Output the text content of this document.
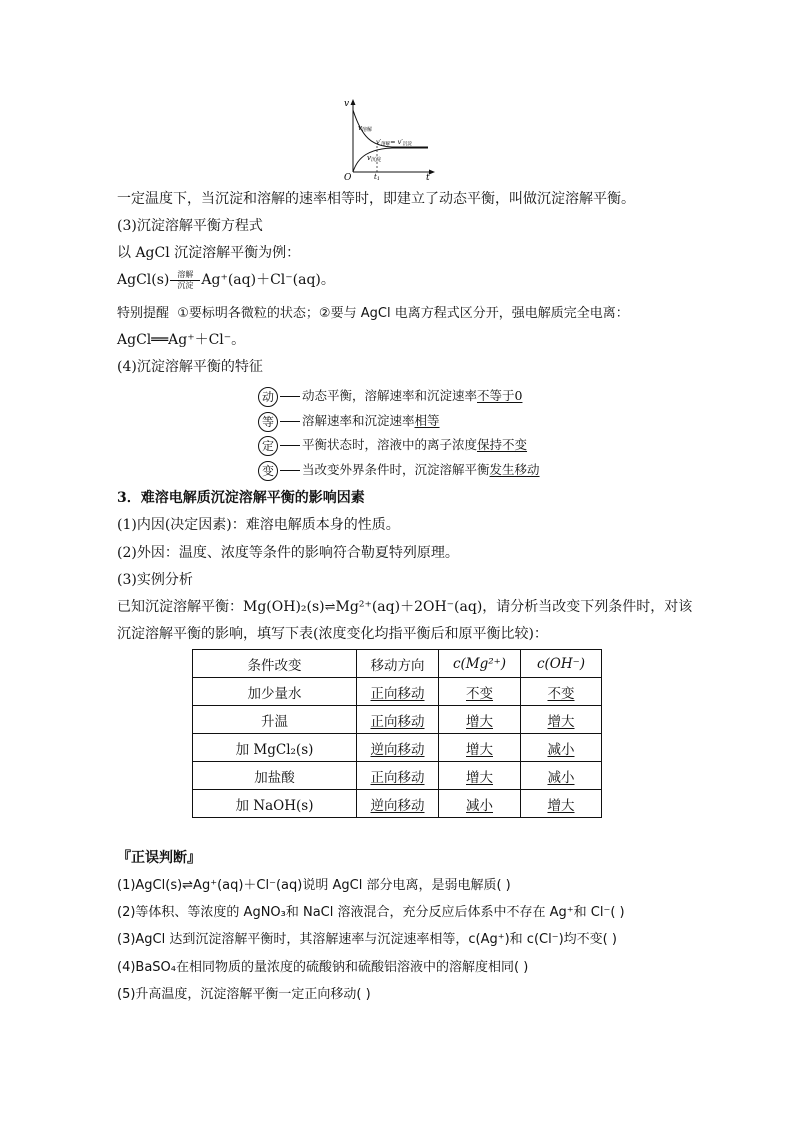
v
O	t
t1
v溶解
v沉淀
v′溶解= v′沉淀
一定温度下，当沉淀和溶解的速率相等时，即建立了动态平衡，叫做沉淀溶解平衡。
(3)沉淀溶解平衡方程式
以 AgCl 沉淀溶解平衡为例：
AgCl(s) $\frac{\text{溶解}}{\text{沉淀}} Ag^+(aq)+Cl^-(aq)$。
特别提醒 ①要标明各微粒的状态；②要与 AgCl 电离方程式区分开，强电解质完全电离：
AgCl══Ag⁺＋Cl⁻。
(4)沉淀溶解平衡的特征
动 动态平衡，溶解速率和沉淀速率不等于0
等 溶解速率和沉淀速率相等
定 平衡状态时，溶液中的离子浓度保持不变
变 当改变外界条件时，沉淀溶解平衡发生移动
3．难溶电解质沉淀溶解平衡的影响因素
(1)内因(决定因素)：难溶电解质本身的性质。
(2)外因：温度、浓度等条件的影响符合勒夏特列原理。
(3)实例分析
已知沉淀溶解平衡：Mg(OH)₂(s)⇌Mg²⁺(aq)＋2OH⁻(aq)，请分析当改变下列条件时，对该
沉淀溶解平衡的影响，填写下表(浓度变化均指平衡后和原平衡比较)：
条件改变	移动方向	c(Mg²⁺)	c(OH⁻)
加少量水	正向移动	不变	不变
升温	正向移动	增大	增大
加 MgCl₂(s)	逆向移动	增大	减小
加盐酸	正向移动	增大	减小
加 NaOH(s)	逆向移动	减小	增大
『正误判断』
(1)AgCl(s)⇌Ag⁺(aq)＋Cl⁻(aq)说明 AgCl 部分电离，是弱电解质( )
(2)等体积、等浓度的 AgNO₃和 NaCl 溶液混合，充分反应后体系中不存在 Ag⁺和 Cl⁻( )
(3)AgCl 达到沉淀溶解平衡时，其溶解速率与沉淀速率相等，c(Ag⁺)和 c(Cl⁻)均不变( )
(4)BaSO₄在相同物质的量浓度的硫酸钠和硫酸铝溶液中的溶解度相同( )
(5)升高温度，沉淀溶解平衡一定正向移动( )
